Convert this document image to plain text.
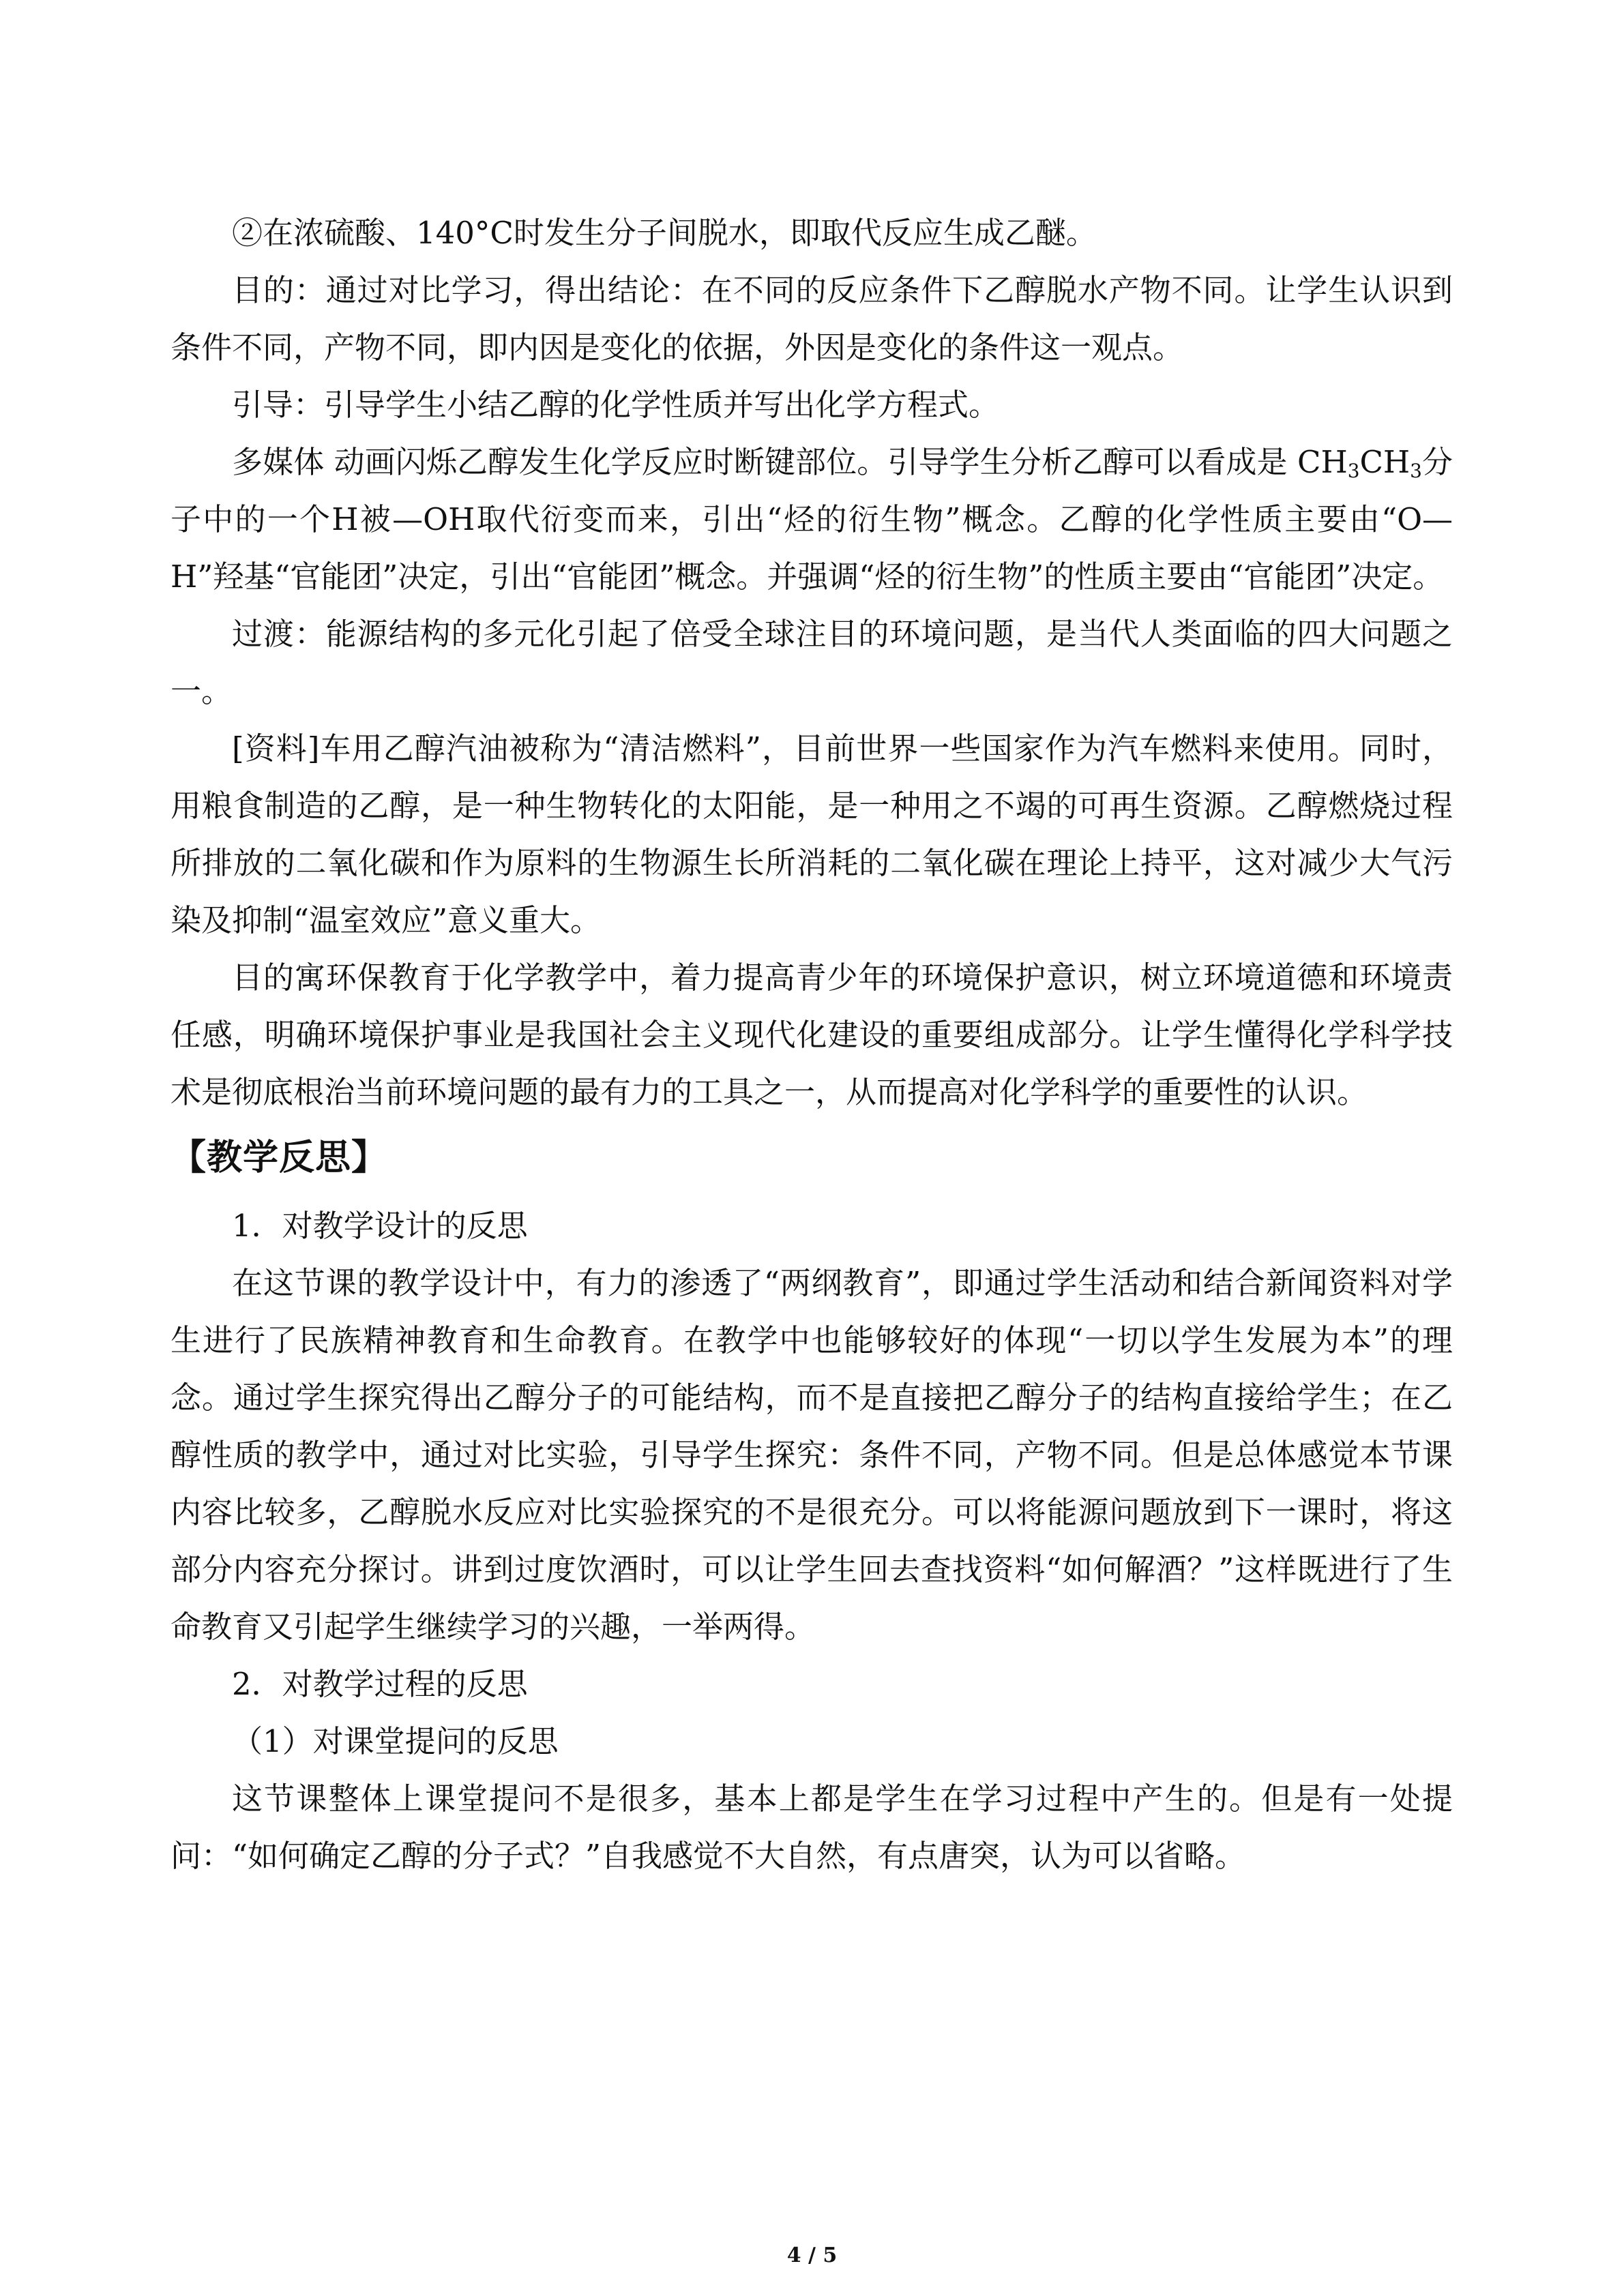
②在浓硫酸、140°C时发生分子间脱水，即取代反应生成乙醚。

目的：通过对比学习，得出结论：在不同的反应条件下乙醇脱水产物不同。让学生认识到条件不同，产物不同，即内因是变化的依据，外因是变化的条件这一观点。

引导：引导学生小结乙醇的化学性质并写出化学方程式。

多媒体 动画闪烁乙醇发生化学反应时断键部位。引导学生分析乙醇可以看成是 $CH_3CH_3$分子中的一个H被—OH取代衍变而来，引出“烃的衍生物”概念。乙醇的化学性质主要由“O—H”羟基“官能团”决定，引出“官能团”概念。并强调“烃的衍生物”的性质主要由“官能团”决定。

过渡：能源结构的多元化引起了倍受全球注目的环境问题，是当代人类面临的四大问题之一。

[资料]车用乙醇汽油被称为“清洁燃料”，目前世界一些国家作为汽车燃料来使用。同时，用粮食制造的乙醇，是一种生物转化的太阳能，是一种用之不竭的可再生资源。乙醇燃烧过程所排放的二氧化碳和作为原料的生物源生长所消耗的二氧化碳在理论上持平，这对减少大气污染及抑制“温室效应”意义重大。

目的寓环保教育于化学教学中，着力提高青少年的环境保护意识，树立环境道德和环境责任感，明确环境保护事业是我国社会主义现代化建设的重要组成部分。让学生懂得化学科学技术是彻底根治当前环境问题的最有力的工具之一，从而提高对化学科学的重要性的认识。

【教学反思】

1．对教学设计的反思

在这节课的教学设计中，有力的渗透了“两纲教育”，即通过学生活动和结合新闻资料对学生进行了民族精神教育和生命教育。在教学中也能够较好的体现“一切以学生发展为本”的理念。通过学生探究得出乙醇分子的可能结构，而不是直接把乙醇分子的结构直接给学生；在乙醇性质的教学中，通过对比实验，引导学生探究：条件不同，产物不同。但是总体感觉本节课内容比较多，乙醇脱水反应对比实验探究的不是很充分。可以将能源问题放到下一课时，将这部分内容充分探讨。讲到过度饮酒时，可以让学生回去查找资料“如何解酒？”这样既进行了生命教育又引起学生继续学习的兴趣，一举两得。

2．对教学过程的反思

（1）对课堂提问的反思

这节课整体上课堂提问不是很多，基本上都是学生在学习过程中产生的。但是有一处提问：“如何确定乙醇的分子式？”自我感觉不大自然，有点唐突，认为可以省略。

4 / 5
